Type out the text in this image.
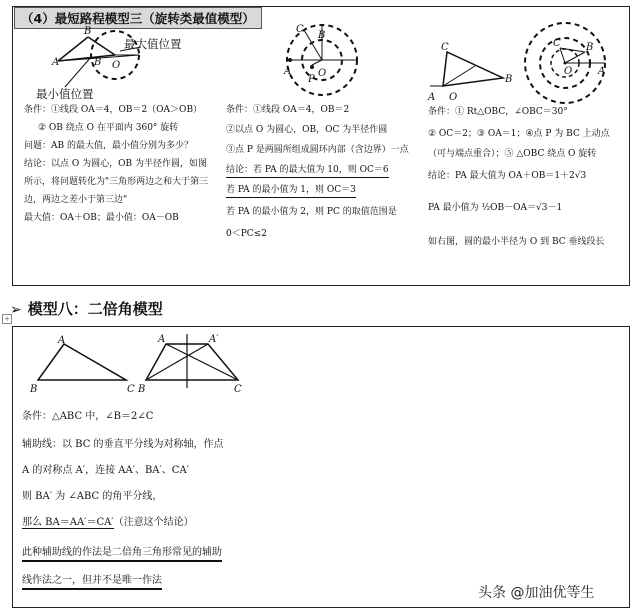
（4）最短路程模型三（旋转类最值模型）
B
A	O
B
最大值位置
最小值位置
C
B
A	O
P
C
B
A O
C	B
A
O
条件：①线段 OA＝4，OB＝2（OA＞OB）
② OB 绕点 O 在平面内 360° 旋转
问题：AB 的最大值，最小值分别为多少？
结论：以点 O 为圆心，OB 为半径作圆，如图
所示，将问题转化为"三角形两边之和大于第三
边，两边之差小于第三边"
最大值：OA＋OB；最小值：OA－OB
条件：①线段 OA＝4，OB＝2
②以点 O 为圆心，OB，OC 为半径作圆
③点 P 是两圆所组成圆环内部（含边界）一点
结论：若 PA 的最大值为 10，则 OC＝6
若 PA 的最小值为 1，则 OC＝3
若 PA 的最小值为 2，则 PC 的取值范围是
0＜PC≤2
条件：① Rt△OBC，∠OBC＝30°
② OC＝2；③ OA＝1；④点 P 为 BC 上动点
（可与端点重合）；⑤ △OBC 绕点 O 旋转
结论：PA 最大值为 OA＋OB＝1＋2√3
PA 最小值为 ½OB－OA＝√3－1
如右图，圆的最小半径为 O 到 BC 垂线段长
+
➢ 模型八：二倍角模型
A
B	C
A	A′
B	C
条件：△ABC 中，∠B＝2∠C
辅助线：以 BC 的垂直平分线为对称轴，作点
A 的对称点 A′，连接 AA′、BA′、CA′
则 BA′ 为 ∠ABC 的角平分线，
那么 BA＝AA′＝CA′（注意这个结论）
此种辅助线的作法是二倍角三角形常见的辅助
线作法之一，但并不是唯一作法
头条 @加油优等生
